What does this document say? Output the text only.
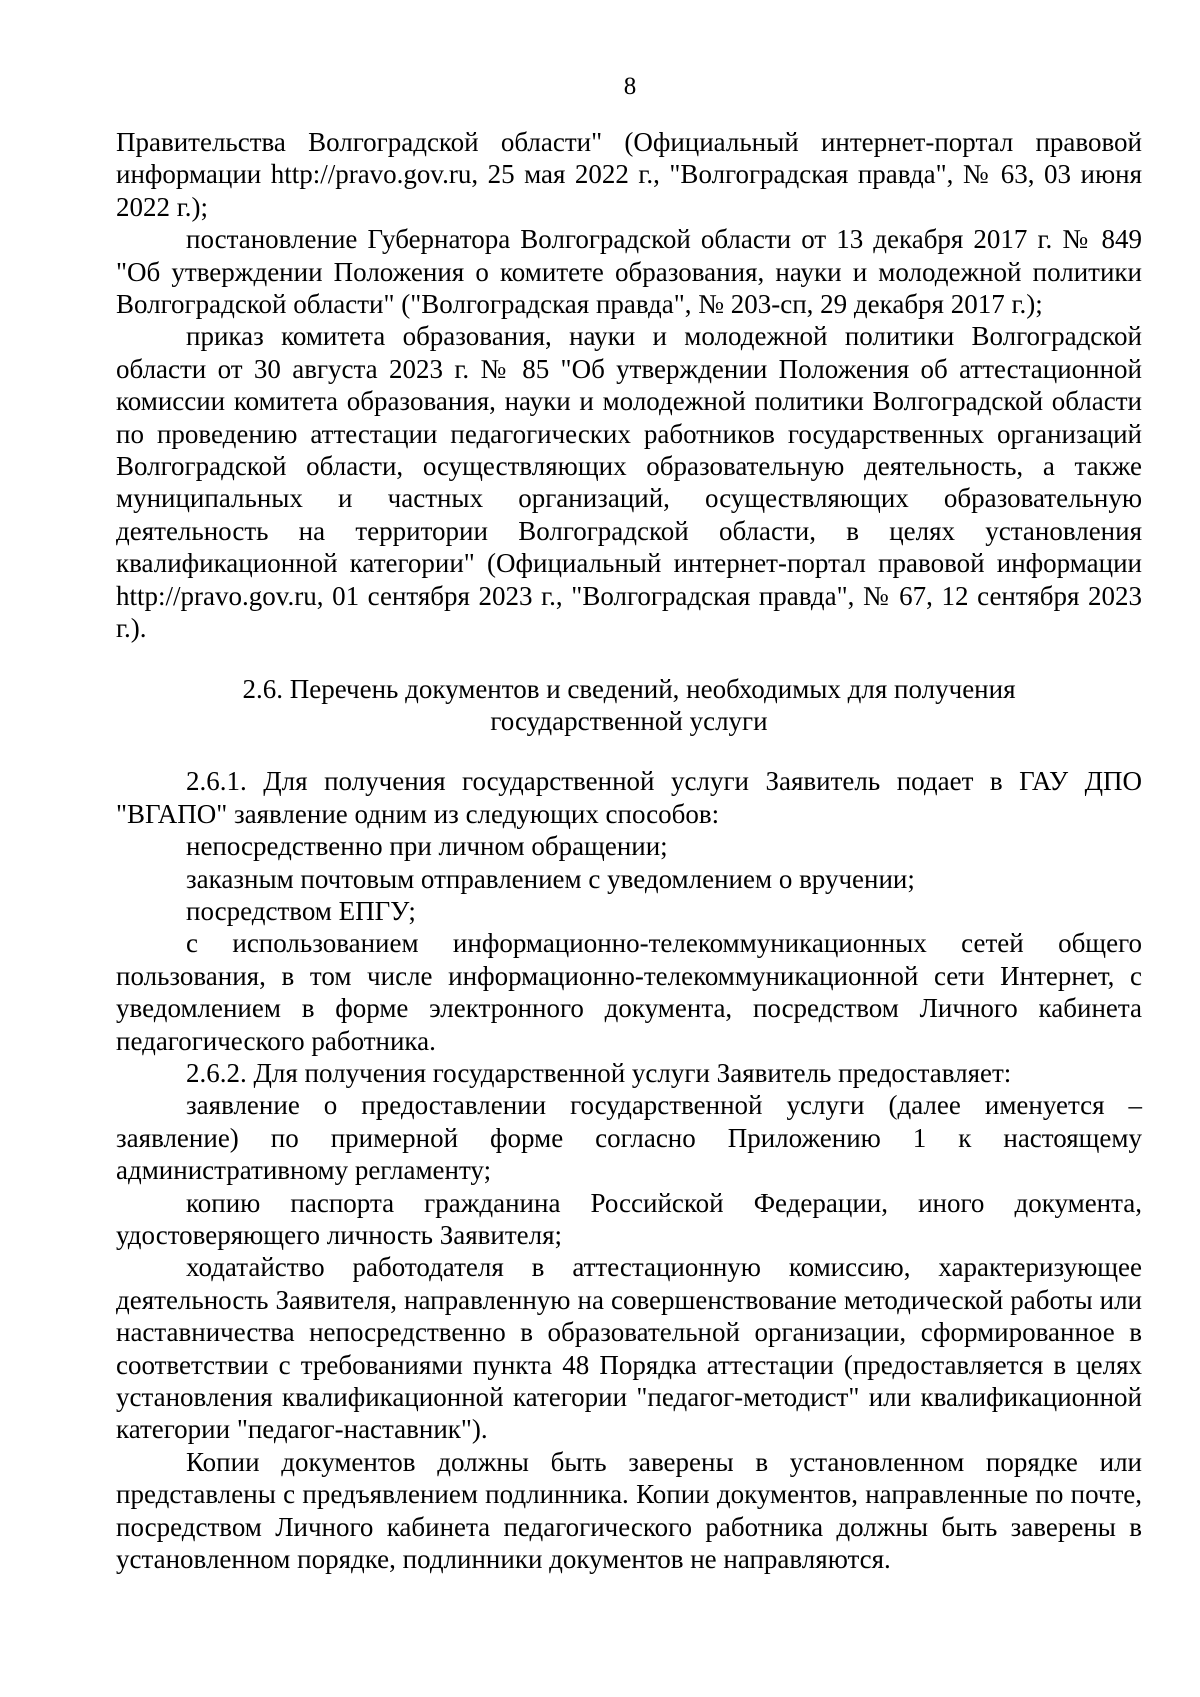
8

Правительства Волгоградской области" (Официальный интернет-портал правовой информации http://pravo.gov.ru, 25 мая 2022 г., "Волгоградская правда", № 63, 03 июня 2022 г.);

постановление Губернатора Волгоградской области от 13 декабря 2017 г. № 849 "Об утверждении Положения о комитете образования, науки и молодежной политики Волгоградской области" ("Волгоградская правда", № 203-сп, 29 декабря 2017 г.);

приказ комитета образования, науки и молодежной политики Волгоградской области от 30 августа 2023 г. № 85 "Об утверждении Положения об аттестационной комиссии комитета образования, науки и молодежной политики Волгоградской области по проведению аттестации педагогических работников государственных организаций Волгоградской области, осуществляющих образовательную деятельность, а также муниципальных и частных организаций, осуществляющих образовательную деятельность на территории Волгоградской области, в целях установления квалификационной категории" (Официальный интернет-портал правовой информации http://pravo.gov.ru, 01 сентября 2023 г., "Волгоградская правда", № 67, 12 сентября 2023 г.).

2.6. Перечень документов и сведений, необходимых для получения
государственной услуги

2.6.1. Для получения государственной услуги Заявитель подает в ГАУ ДПО "ВГАПО" заявление одним из следующих способов:

непосредственно при личном обращении;

заказным почтовым отправлением с уведомлением о вручении;

посредством ЕПГУ;

с использованием информационно-телекоммуникационных сетей общего пользования, в том числе информационно-телекоммуникационной сети Интернет, с уведомлением в форме электронного документа, посредством Личного кабинета педагогического работника.

2.6.2. Для получения государственной услуги Заявитель предоставляет:

заявление о предоставлении государственной услуги (далее именуется – заявление) по примерной форме согласно Приложению 1 к настоящему административному регламенту;

копию паспорта гражданина Российской Федерации, иного документа, удостоверяющего личность Заявителя;

ходатайство работодателя в аттестационную комиссию, характеризующее деятельность Заявителя, направленную на совершенствование методической работы или наставничества непосредственно в образовательной организации, сформированное в соответствии с требованиями пункта 48 Порядка аттестации (предоставляется в целях установления квалификационной категории "педагог-методист" или квалификационной категории "педагог-наставник").

Копии документов должны быть заверены в установленном порядке или представлены с предъявлением подлинника. Копии документов, направленные по почте, посредством Личного кабинета педагогического работника должны быть заверены в установленном порядке, подлинники документов не направляются.
